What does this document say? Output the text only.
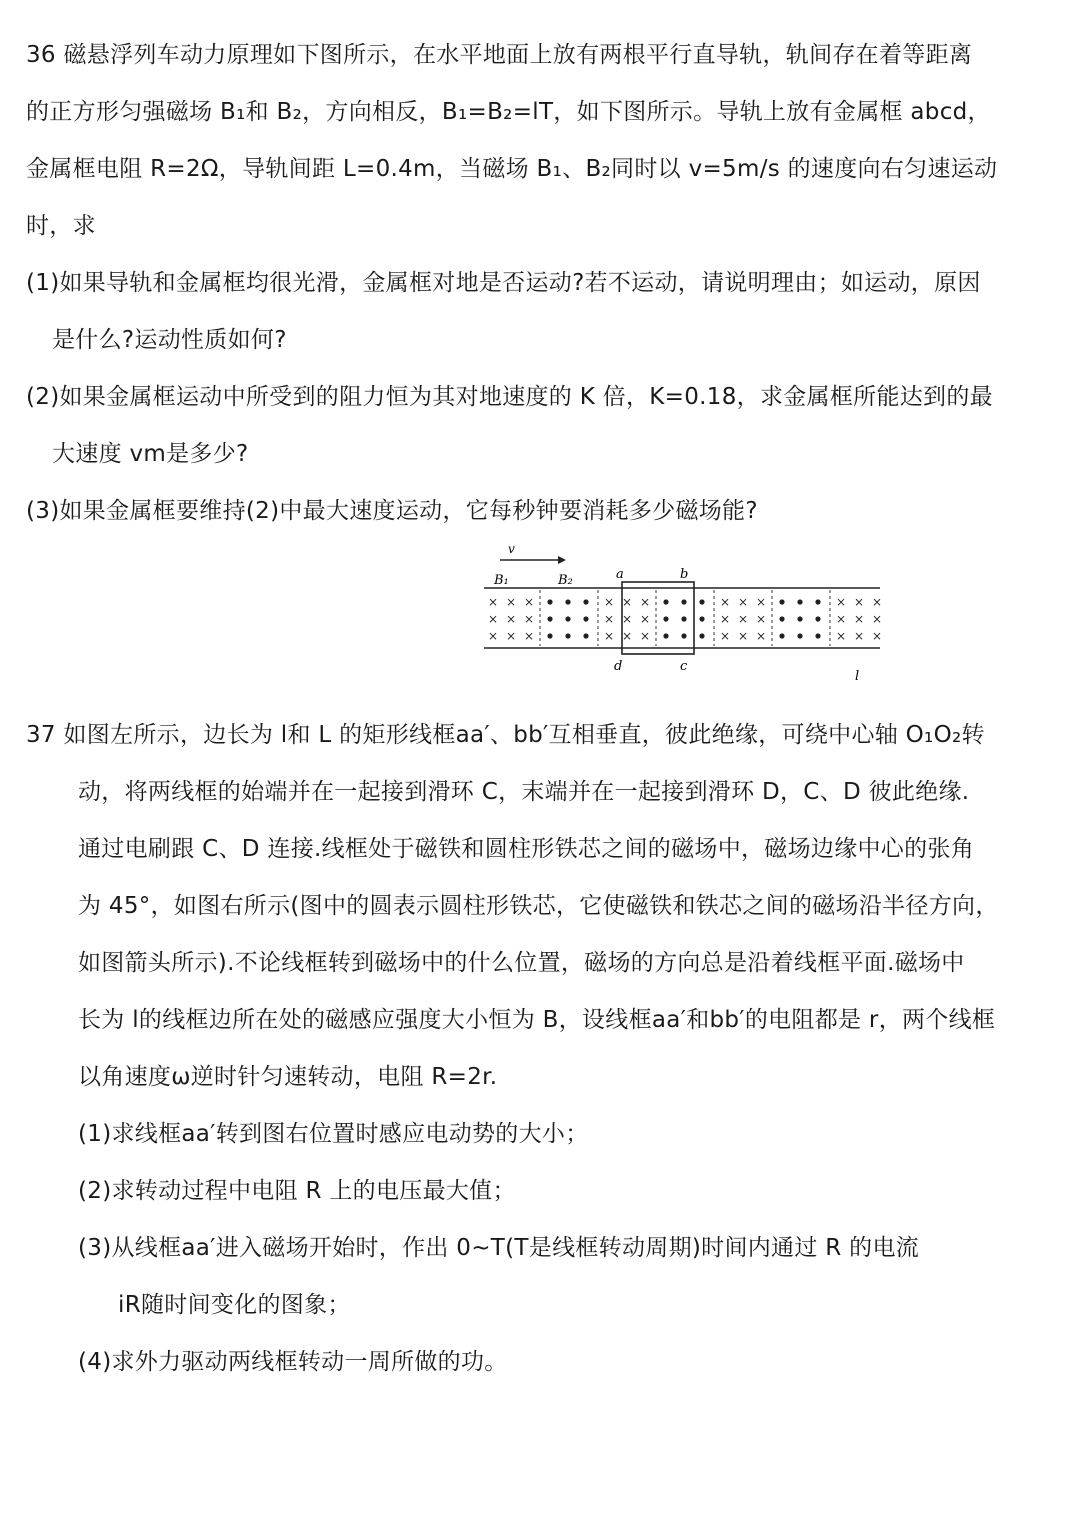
36 磁悬浮列车动力原理如下图所示，在水平地面上放有两根平行直导轨，轨间存在着等距离
的正方形匀强磁场 B₁和 B₂，方向相反，B₁=B₂=lT，如下图所示。导轨上放有金属框 abcd，
金属框电阻 R=2Ω，导轨间距 L=0.4m，当磁场 B₁、B₂同时以 v=5m/s 的速度向右匀速运动
时，求
(1)如果导轨和金属框均很光滑，金属框对地是否运动?若不运动，请说明理由；如运动，原因
是什么?运动性质如何?
(2)如果金属框运动中所受到的阻力恒为其对地速度的 K 倍，K=0.18，求金属框所能达到的最
大速度 vm是多少?
(3)如果金属框要维持(2)中最大速度运动，它每秒钟要消耗多少磁场能?
v
B₁	B₂	a	b
d	c
l
× × ×
× × ×
× × ×
× × ×
× × ×
× × ×
× × ×
× × ×
× × ×
× × ×
× × ×
× × ×
37 如图左所示，边长为 l和 L 的矩形线框aa′、bb′互相垂直，彼此绝缘，可绕中心轴 O₁O₂转
动，将两线框的始端并在一起接到滑环 C，末端并在一起接到滑环 D，C、D 彼此绝缘.
通过电刷跟 C、D 连接.线框处于磁铁和圆柱形铁芯之间的磁场中，磁场边缘中心的张角
为 45°，如图右所示(图中的圆表示圆柱形铁芯，它使磁铁和铁芯之间的磁场沿半径方向，
如图箭头所示).不论线框转到磁场中的什么位置，磁场的方向总是沿着线框平面.磁场中
长为 l的线框边所在处的磁感应强度大小恒为 B，设线框aa′和bb′的电阻都是 r，两个线框
以角速度ω逆时针匀速转动，电阻 R=2r.
(1)求线框aa′转到图右位置时感应电动势的大小；
(2)求转动过程中电阻 R 上的电压最大值；
(3)从线框aa′进入磁场开始时，作出 0~T(T是线框转动周期)时间内通过 R 的电流
iR随时间变化的图象；
(4)求外力驱动两线框转动一周所做的功。
